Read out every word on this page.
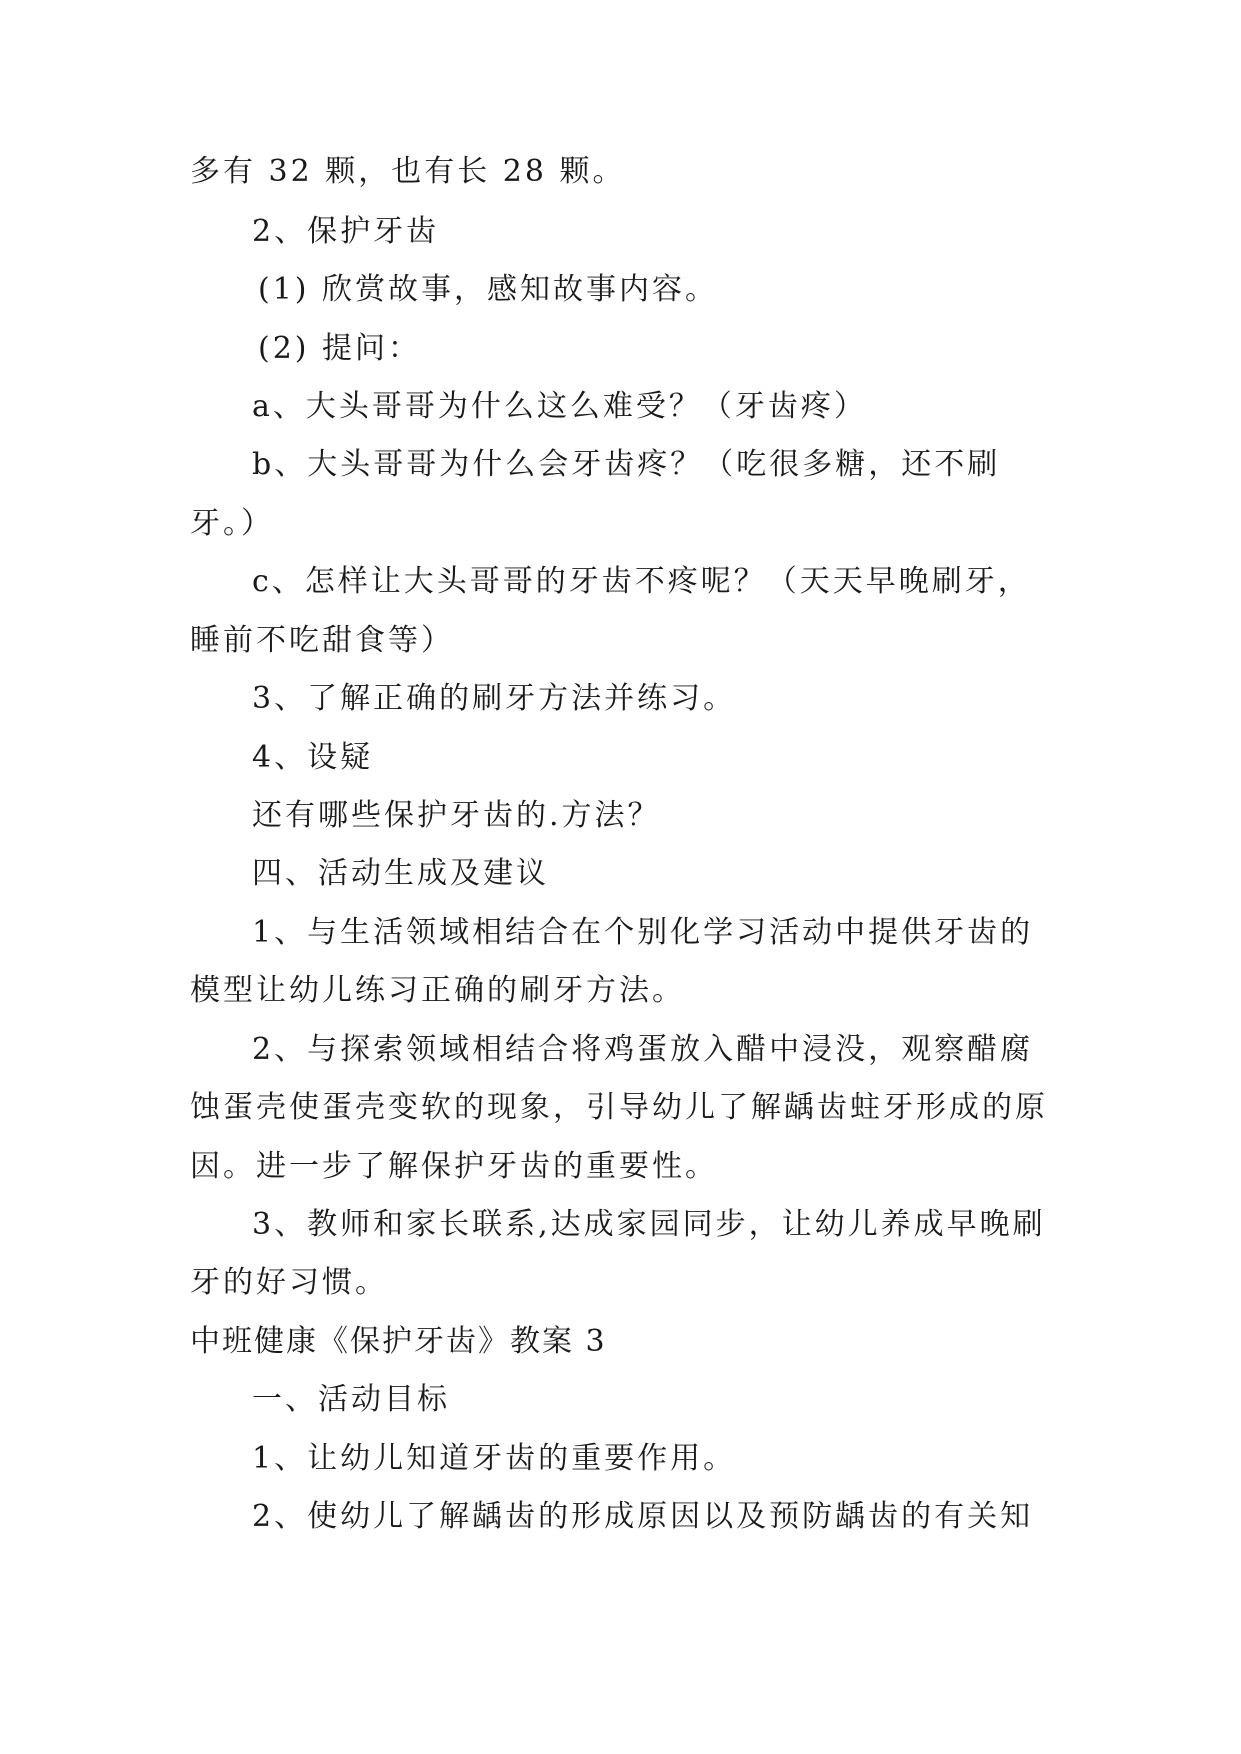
多有 32 颗，也有长 28 颗。
2、保护牙齿
(1) 欣赏故事，感知故事内容。
(2) 提问：
a、大头哥哥为什么这么难受？（牙齿疼）
b、大头哥哥为什么会牙齿疼？（吃很多糖，还不刷
牙。）
c、怎样让大头哥哥的牙齿不疼呢？（天天早晚刷牙，
睡前不吃甜食等）
3、了解正确的刷牙方法并练习。
4、设疑
还有哪些保护牙齿的.方法？
四、活动生成及建议
1、与生活领域相结合在个别化学习活动中提供牙齿的
模型让幼儿练习正确的刷牙方法。
2、与探索领域相结合将鸡蛋放入醋中浸没，观察醋腐
蚀蛋壳使蛋壳变软的现象，引导幼儿了解龋齿蛀牙形成的原
因。进一步了解保护牙齿的重要性。
3、教师和家长联系,达成家园同步，让幼儿养成早晚刷
牙的好习惯。
中班健康《保护牙齿》教案 3
一、活动目标
1、让幼儿知道牙齿的重要作用。
2、使幼儿了解龋齿的形成原因以及预防龋齿的有关知
